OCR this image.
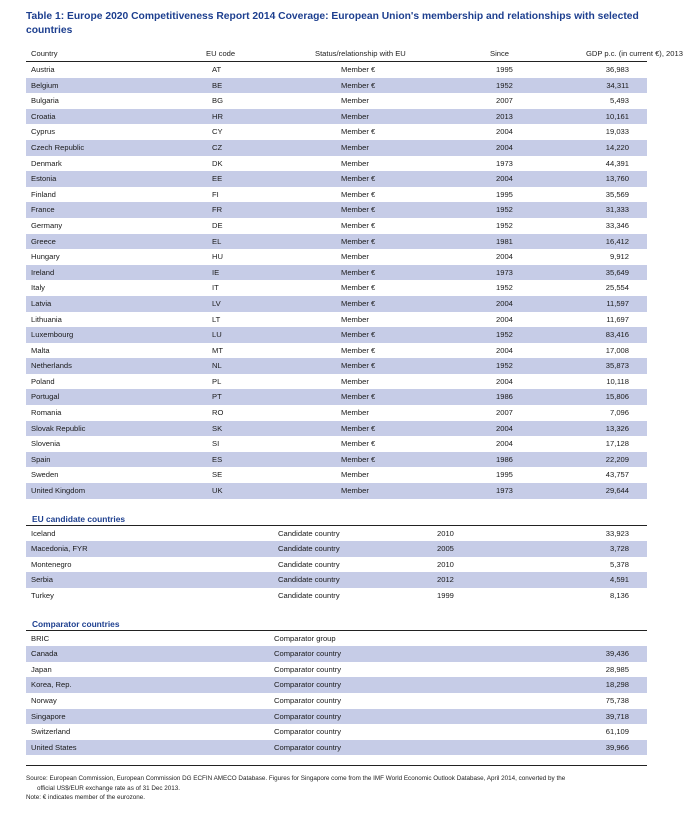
Table 1: Europe 2020 Competitiveness Report 2014 Coverage: European Union's membership and relationships with selected countries
Country	EU code	Status/relationship with EU	Since	GDP p.c. (in current €), 2013
Austria	AT	Member €	1995	36,983
Belgium	BE	Member €	1952	34,311
Bulgaria	BG	Member	2007	5,493
Croatia	HR	Member	2013	10,161
Cyprus	CY	Member €	2004	19,033
Czech Republic	CZ	Member	2004	14,220
Denmark	DK	Member	1973	44,391
Estonia	EE	Member €	2004	13,760
Finland	FI	Member €	1995	35,569
France	FR	Member €	1952	31,333
Germany	DE	Member €	1952	33,346
Greece	EL	Member €	1981	16,412
Hungary	HU	Member	2004	9,912
Ireland	IE	Member €	1973	35,649
Italy	IT	Member €	1952	25,554
Latvia	LV	Member €	2004	11,597
Lithuania	LT	Member	2004	11,697
Luxembourg	LU	Member €	1952	83,416
Malta	MT	Member €	2004	17,008
Netherlands	NL	Member €	1952	35,873
Poland	PL	Member	2004	10,118
Portugal	PT	Member €	1986	15,806
Romania	RO	Member	2007	7,096
Slovak Republic	SK	Member €	2004	13,326
Slovenia	SI	Member €	2004	17,128
Spain	ES	Member €	1986	22,209
Sweden	SE	Member	1995	43,757
United Kingdom	UK	Member	1973	29,644
EU candidate countries
Iceland		Candidate country	2010	33,923
Macedonia, FYR		Candidate country	2005	3,728
Montenegro		Candidate country	2010	5,378
Serbia		Candidate country	2012	4,591
Turkey		Candidate country	1999	8,136
Comparator countries
BRIC		Comparator group		
Canada		Comparator country		39,436
Japan		Comparator country		28,985
Korea, Rep.		Comparator country		18,298
Norway		Comparator country		75,738
Singapore		Comparator country		39,718
Switzerland		Comparator country		61,109
United States		Comparator country		39,966
Source: European Commission, European Commission DG ECFIN AMECO Database. Figures for Singapore come from the IMF World Economic Outlook Database, April 2014, converted by the
official US$/EUR exchange rate as of 31 Dec 2013.
Note: € indicates member of the eurozone.
